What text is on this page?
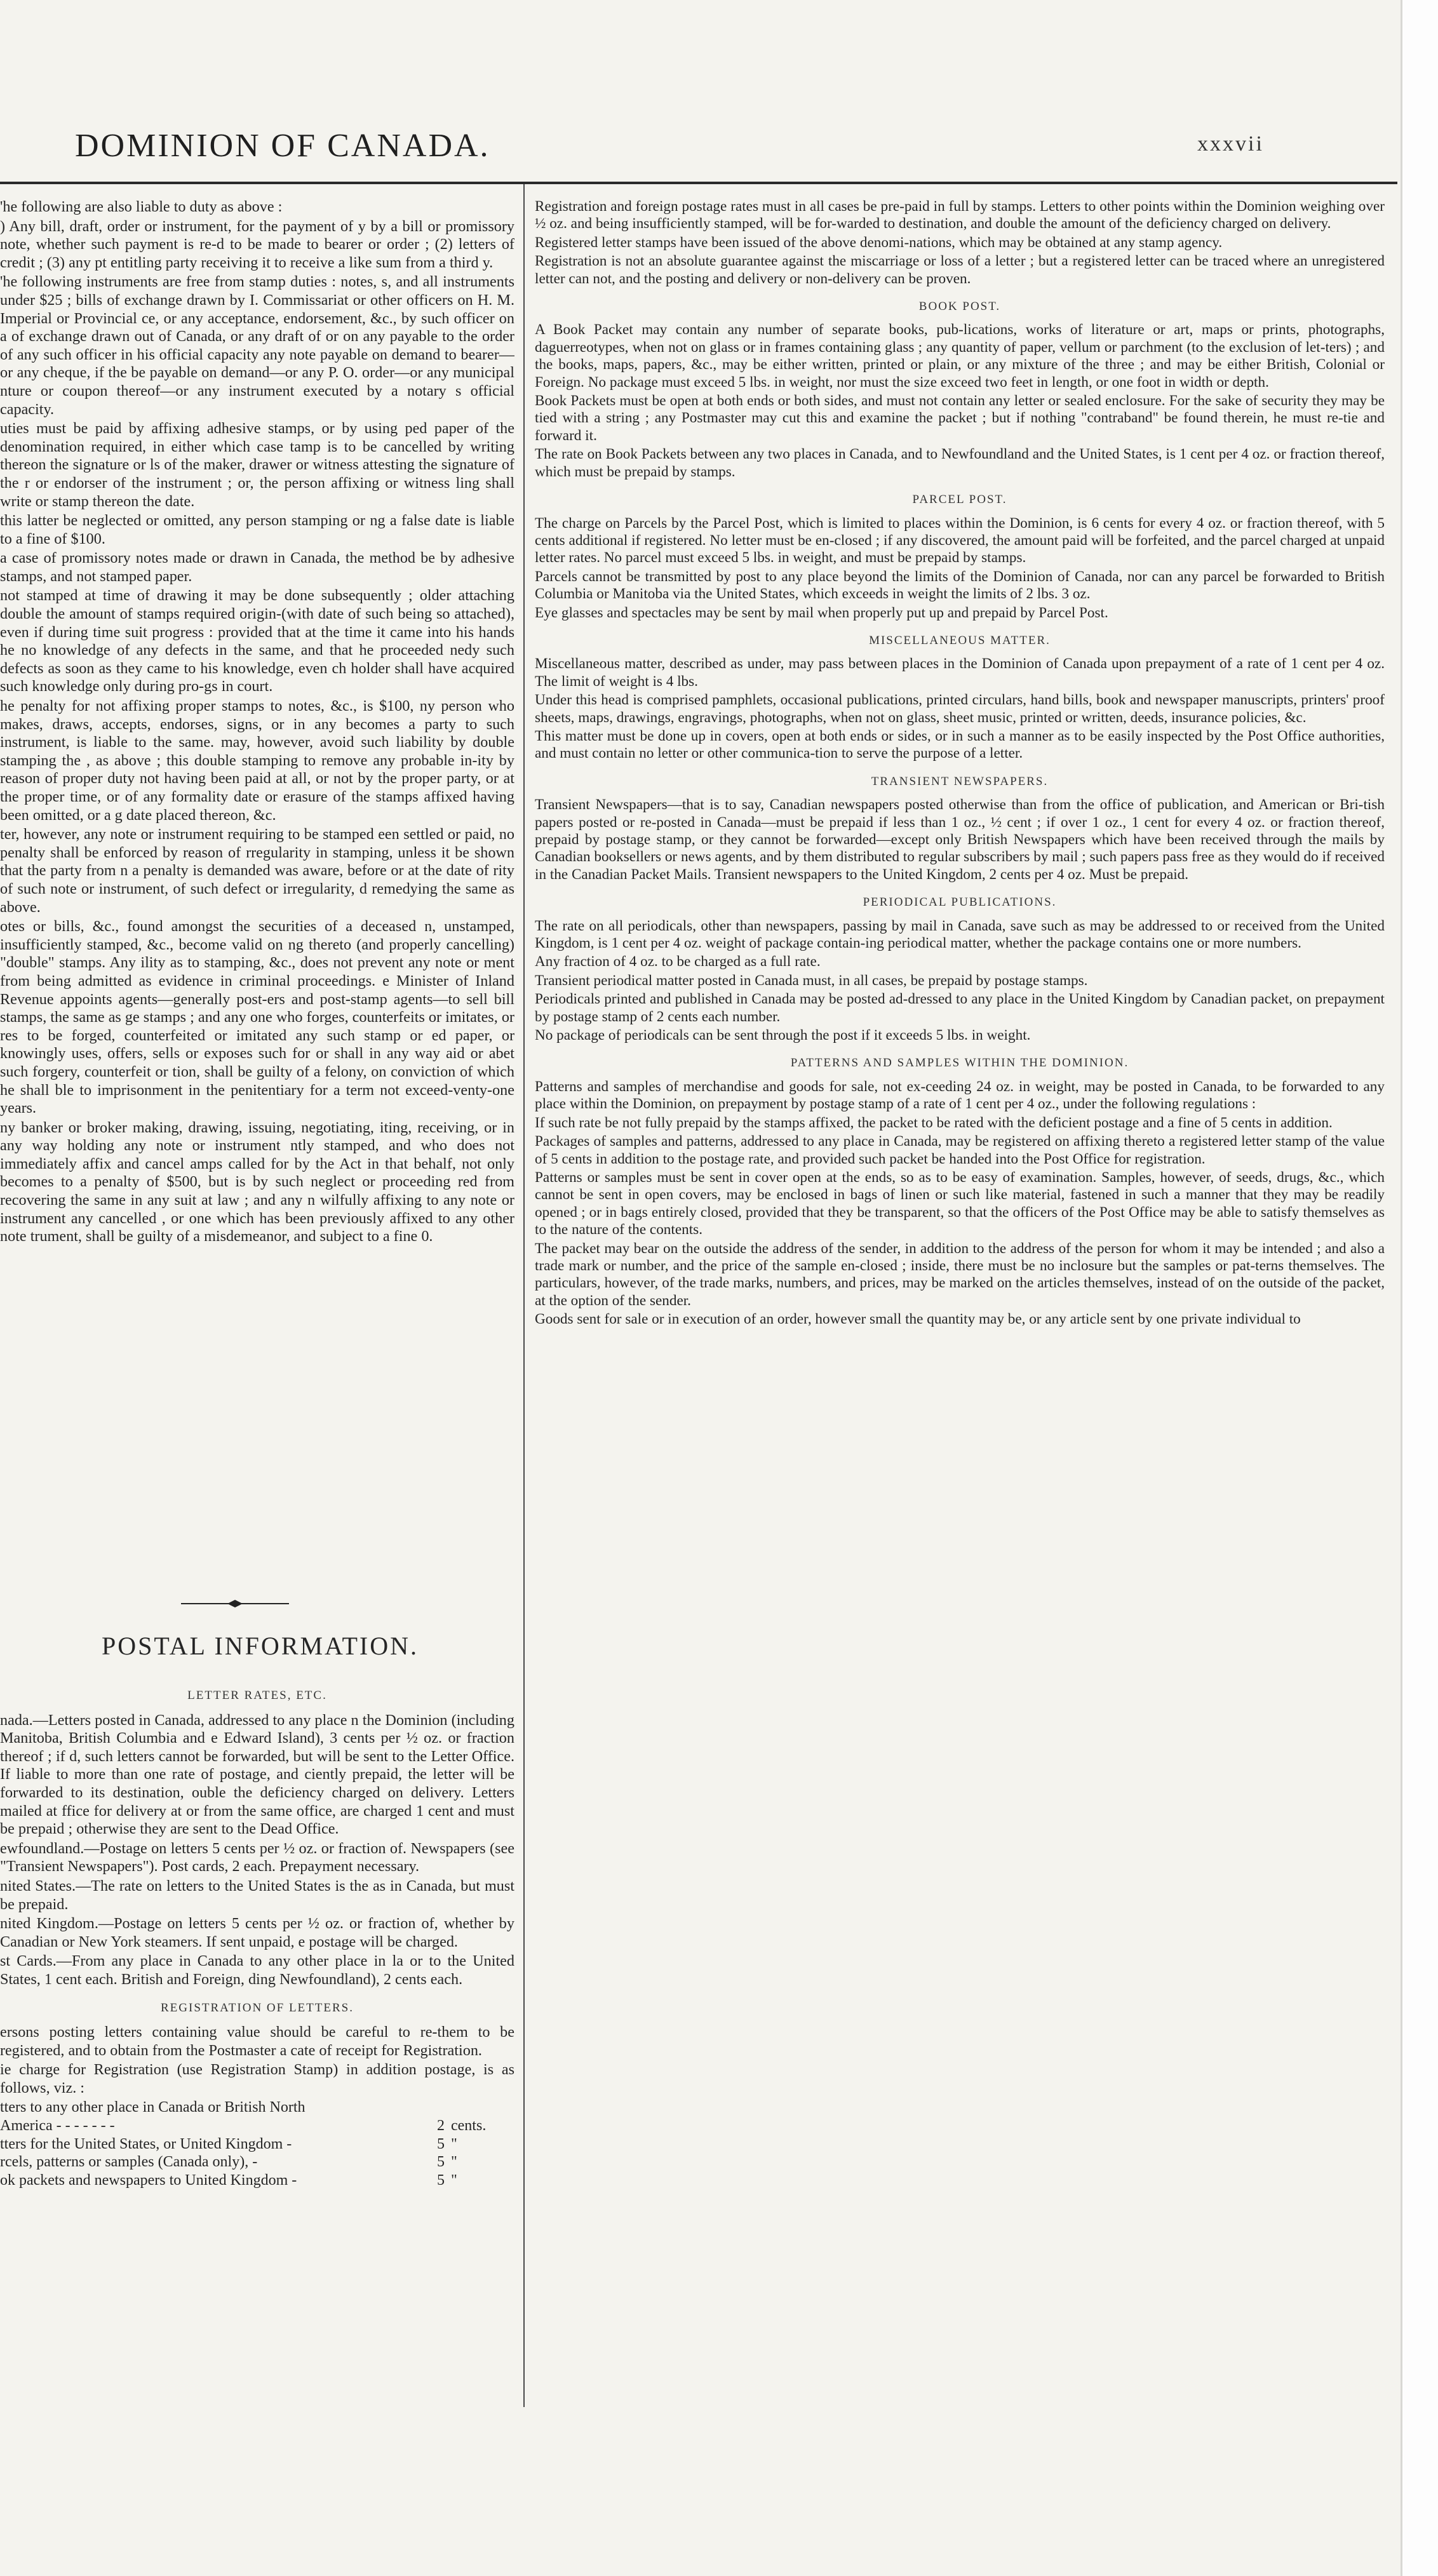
DOMINION OF CANADA.	xxxvii

'he following are also liable to duty as above :

) Any bill, draft, order or instrument, for the payment of y by a bill or promissory note, whether such payment is re-d to be made to bearer or order ; (2) letters of credit ; (3) any pt entitling party receiving it to receive a like sum from a third y.

'he following instruments are free from stamp duties : notes, s, and all instruments under $25 ; bills of exchange drawn by I. Commissariat or other officers on H. M. Imperial or Provincial ce, or any acceptance, endorsement, &c., by such officer on a of exchange drawn out of Canada, or any draft of or on any payable to the order of any such officer in his official capacity any note payable on demand to bearer—or any cheque, if the be payable on demand—or any P. O. order—or any municipal nture or coupon thereof—or any instrument executed by a notary s official capacity.

uties must be paid by affixing adhesive stamps, or by using ped paper of the denomination required, in either which case tamp is to be cancelled by writing thereon the signature or ls of the maker, drawer or witness attesting the signature of the r or endorser of the instrument ; or, the person affixing or witness ling shall write or stamp thereon the date.

this latter be neglected or omitted, any person stamping or ng a false date is liable to a fine of $100.

a case of promissory notes made or drawn in Canada, the method be by adhesive stamps, and not stamped paper.

not stamped at time of drawing it may be done subsequently ; older attaching double the amount of stamps required origin-(with date of such being so attached), even if during time suit progress : provided that at the time it came into his hands he no knowledge of any defects in the same, and that he proceeded nedy such defects as soon as they came to his knowledge, even ch holder shall have acquired such knowledge only during pro-gs in court.

he penalty for not affixing proper stamps to notes, &c., is $100, ny person who makes, draws, accepts, endorses, signs, or in any becomes a party to such instrument, is liable to the same. may, however, avoid such liability by double stamping the , as above ; this double stamping to remove any probable in-ity by reason of proper duty not having been paid at all, or not by the proper party, or at the proper time, or of any formality date or erasure of the stamps affixed having been omitted, or a g date placed thereon, &c.

ter, however, any note or instrument requiring to be stamped een settled or paid, no penalty shall be enforced by reason of rregularity in stamping, unless it be shown that the party from n a penalty is demanded was aware, before or at the date of rity of such note or instrument, of such defect or irregularity, d remedying the same as above.

otes or bills, &c., found amongst the securities of a deceased n, unstamped, insufficiently stamped, &c., become valid on ng thereto (and properly cancelling) "double" stamps. Any ility as to stamping, &c., does not prevent any note or ment from being admitted as evidence in criminal proceedings. e Minister of Inland Revenue appoints agents—generally post-ers and post-stamp agents—to sell bill stamps, the same as ge stamps ; and any one who forges, counterfeits or imitates, or res to be forged, counterfeited or imitated any such stamp or ed paper, or knowingly uses, offers, sells or exposes such for or shall in any way aid or abet such forgery, counterfeit or tion, shall be guilty of a felony, on conviction of which he shall ble to imprisonment in the penitentiary for a term not exceed-venty-one years.

ny banker or broker making, drawing, issuing, negotiating, iting, receiving, or in any way holding any note or instrument ntly stamped, and who does not immediately affix and cancel amps called for by the Act in that behalf, not only becomes to a penalty of $500, but is by such neglect or proceeding red from recovering the same in any suit at law ; and any n wilfully affixing to any note or instrument any cancelled , or one which has been previously affixed to any other note trument, shall be guilty of a misdemeanor, and subject to a fine 0.

POSTAL INFORMATION.
LETTER RATES, ETC.

nada.—Letters posted in Canada, addressed to any place n the Dominion (including Manitoba, British Columbia and e Edward Island), 3 cents per ½ oz. or fraction thereof ; if d, such letters cannot be forwarded, but will be sent to the Letter Office. If liable to more than one rate of postage, and ciently prepaid, the letter will be forwarded to its destination, ouble the deficiency charged on delivery. Letters mailed at ffice for delivery at or from the same office, are charged 1 cent and must be prepaid ; otherwise they are sent to the Dead Office.

ewfoundland.—Postage on letters 5 cents per ½ oz. or fraction of. Newspapers (see "Transient Newspapers"). Post cards, 2 each. Prepayment necessary.

nited States.—The rate on letters to the United States is the as in Canada, but must be prepaid.

nited Kingdom.—Postage on letters 5 cents per ½ oz. or fraction of, whether by Canadian or New York steamers. If sent unpaid, e postage will be charged.

st Cards.—From any place in Canada to any other place in la or to the United States, 1 cent each. British and Foreign, ding Newfoundland), 2 cents each.

REGISTRATION OF LETTERS.

ersons posting letters containing value should be careful to re-them to be registered, and to obtain from the Postmaster a cate of receipt for Registration.

ie charge for Registration (use Registration Stamp) in addition postage, is as follows, viz. :

tters to any other place in Canada or British North		
America - - - - - - -	2	cents.
tters for the United States, or United Kingdom -	5	"
rcels, patterns or samples (Canada only), -	5	"
ok packets and newspapers to United Kingdom -	5	"

Registration and foreign postage rates must in all cases be pre-paid in full by stamps. Letters to other points within the Dominion weighing over ½ oz. and being insufficiently stamped, will be for-warded to destination, and double the amount of the deficiency charged on delivery.

Registered letter stamps have been issued of the above denomi-nations, which may be obtained at any stamp agency.

Registration is not an absolute guarantee against the miscarriage or loss of a letter ; but a registered letter can be traced where an unregistered letter can not, and the posting and delivery or non-delivery can be proven.

BOOK POST.

A Book Packet may contain any number of separate books, pub-lications, works of literature or art, maps or prints, photographs, daguerreotypes, when not on glass or in frames containing glass ; any quantity of paper, vellum or parchment (to the exclusion of let-ters) ; and the books, maps, papers, &c., may be either written, printed or plain, or any mixture of the three ; and may be either British, Colonial or Foreign. No package must exceed 5 lbs. in weight, nor must the size exceed two feet in length, or one foot in width or depth.

Book Packets must be open at both ends or both sides, and must not contain any letter or sealed enclosure. For the sake of security they may be tied with a string ; any Postmaster may cut this and examine the packet ; but if nothing "contraband" be found therein, he must re-tie and forward it.

The rate on Book Packets between any two places in Canada, and to Newfoundland and the United States, is 1 cent per 4 oz. or fraction thereof, which must be prepaid by stamps.

PARCEL POST.

The charge on Parcels by the Parcel Post, which is limited to places within the Dominion, is 6 cents for every 4 oz. or fraction thereof, with 5 cents additional if registered. No letter must be en-closed ; if any discovered, the amount paid will be forfeited, and the parcel charged at unpaid letter rates. No parcel must exceed 5 lbs. in weight, and must be prepaid by stamps.

Parcels cannot be transmitted by post to any place beyond the limits of the Dominion of Canada, nor can any parcel be forwarded to British Columbia or Manitoba via the United States, which exceeds in weight the limits of 2 lbs. 3 oz.

Eye glasses and spectacles may be sent by mail when properly put up and prepaid by Parcel Post.

MISCELLANEOUS MATTER.

Miscellaneous matter, described as under, may pass between places in the Dominion of Canada upon prepayment of a rate of 1 cent per 4 oz. The limit of weight is 4 lbs.

Under this head is comprised pamphlets, occasional publications, printed circulars, hand bills, book and newspaper manuscripts, printers' proof sheets, maps, drawings, engravings, photographs, when not on glass, sheet music, printed or written, deeds, insurance policies, &c.

This matter must be done up in covers, open at both ends or sides, or in such a manner as to be easily inspected by the Post Office authorities, and must contain no letter or other communica-tion to serve the purpose of a letter.

TRANSIENT NEWSPAPERS.

Transient Newspapers—that is to say, Canadian newspapers posted otherwise than from the office of publication, and American or Bri-tish papers posted or re-posted in Canada—must be prepaid if less than 1 oz., ½ cent ; if over 1 oz., 1 cent for every 4 oz. or fraction thereof, prepaid by postage stamp, or they cannot be forwarded—except only British Newspapers which have been received through the mails by Canadian booksellers or news agents, and by them distributed to regular subscribers by mail ; such papers pass free as they would do if received in the Canadian Packet Mails. Transient newspapers to the United Kingdom, 2 cents per 4 oz. Must be prepaid.

PERIODICAL PUBLICATIONS.

The rate on all periodicals, other than newspapers, passing by mail in Canada, save such as may be addressed to or received from the United Kingdom, is 1 cent per 4 oz. weight of package contain-ing periodical matter, whether the package contains one or more numbers.

Any fraction of 4 oz. to be charged as a full rate.

Transient periodical matter posted in Canada must, in all cases, be prepaid by postage stamps.

Periodicals printed and published in Canada may be posted ad-dressed to any place in the United Kingdom by Canadian packet, on prepayment by postage stamp of 2 cents each number.

No package of periodicals can be sent through the post if it exceeds 5 lbs. in weight.

PATTERNS AND SAMPLES WITHIN THE DOMINION.

Patterns and samples of merchandise and goods for sale, not ex-ceeding 24 oz. in weight, may be posted in Canada, to be forwarded to any place within the Dominion, on prepayment by postage stamp of a rate of 1 cent per 4 oz., under the following regulations :

If such rate be not fully prepaid by the stamps affixed, the packet to be rated with the deficient postage and a fine of 5 cents in addition.

Packages of samples and patterns, addressed to any place in Canada, may be registered on affixing thereto a registered letter stamp of the value of 5 cents in addition to the postage rate, and provided such packet be handed into the Post Office for registration.

Patterns or samples must be sent in cover open at the ends, so as to be easy of examination. Samples, however, of seeds, drugs, &c., which cannot be sent in open covers, may be enclosed in bags of linen or such like material, fastened in such a manner that they may be readily opened ; or in bags entirely closed, provided that they be transparent, so that the officers of the Post Office may be able to satisfy themselves as to the nature of the contents.

The packet may bear on the outside the address of the sender, in addition to the address of the person for whom it may be intended ; and also a trade mark or number, and the price of the sample en-closed ; inside, there must be no inclosure but the samples or pat-terns themselves. The particulars, however, of the trade marks, numbers, and prices, may be marked on the articles themselves, instead of on the outside of the packet, at the option of the sender.

Goods sent for sale or in execution of an order, however small the quantity may be, or any article sent by one private individual to
